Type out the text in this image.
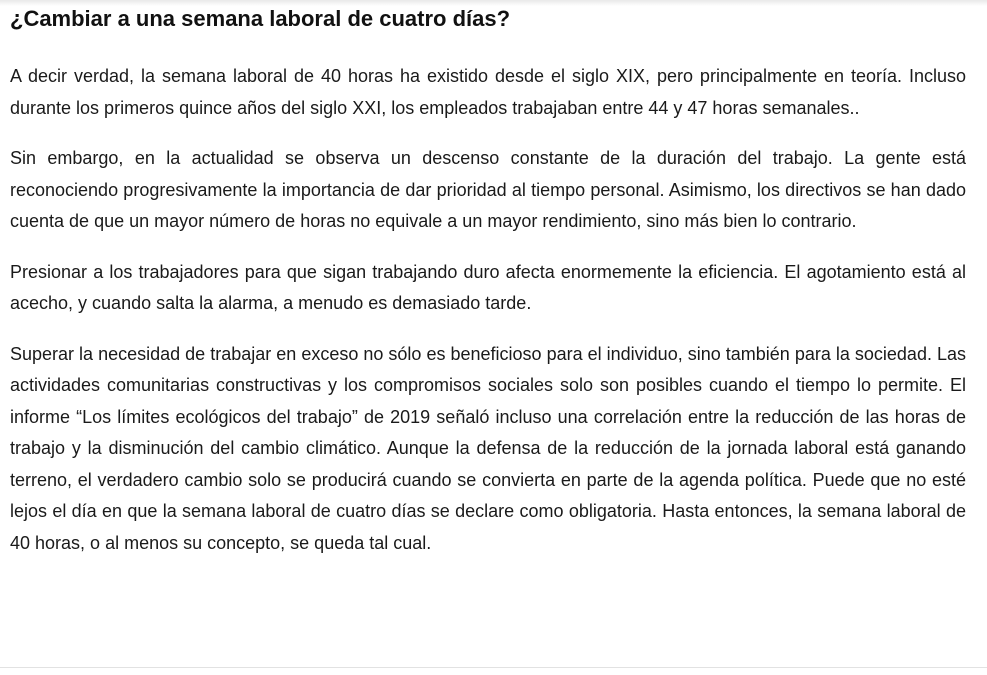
¿Cambiar a una semana laboral de cuatro días?

A decir verdad, la semana laboral de 40 horas ha existido desde el siglo XIX, pero principalmente en teoría. Incluso durante los primeros quince años del siglo XXI, los empleados trabajaban entre 44 y 47 horas semanales..

Sin embargo, en la actualidad se observa un descenso constante de la duración del trabajo. La gente está reconociendo progresivamente la importancia de dar prioridad al tiempo personal. Asimismo, los directivos se han dado cuenta de que un mayor número de horas no equivale a un mayor rendimiento, sino más bien lo contrario.

Presionar a los trabajadores para que sigan trabajando duro afecta enormemente la eficiencia. El agotamiento está al acecho, y cuando salta la alarma, a menudo es demasiado tarde.

Superar la necesidad de trabajar en exceso no sólo es beneficioso para el individuo, sino también para la sociedad. Las actividades comunitarias constructivas y los compromisos sociales solo son posibles cuando el tiempo lo permite. El informe “Los límites ecológicos del trabajo” de 2019 señaló incluso una correlación entre la reducción de las horas de trabajo y la disminución del cambio climático. Aunque la defensa de la reducción de la jornada laboral está ganando terreno, el verdadero cambio solo se producirá cuando se convierta en parte de la agenda política. Puede que no esté lejos el día en que la semana laboral de cuatro días se declare como obligatoria. Hasta entonces, la semana laboral de 40 horas, o al menos su concepto, se queda tal cual.
